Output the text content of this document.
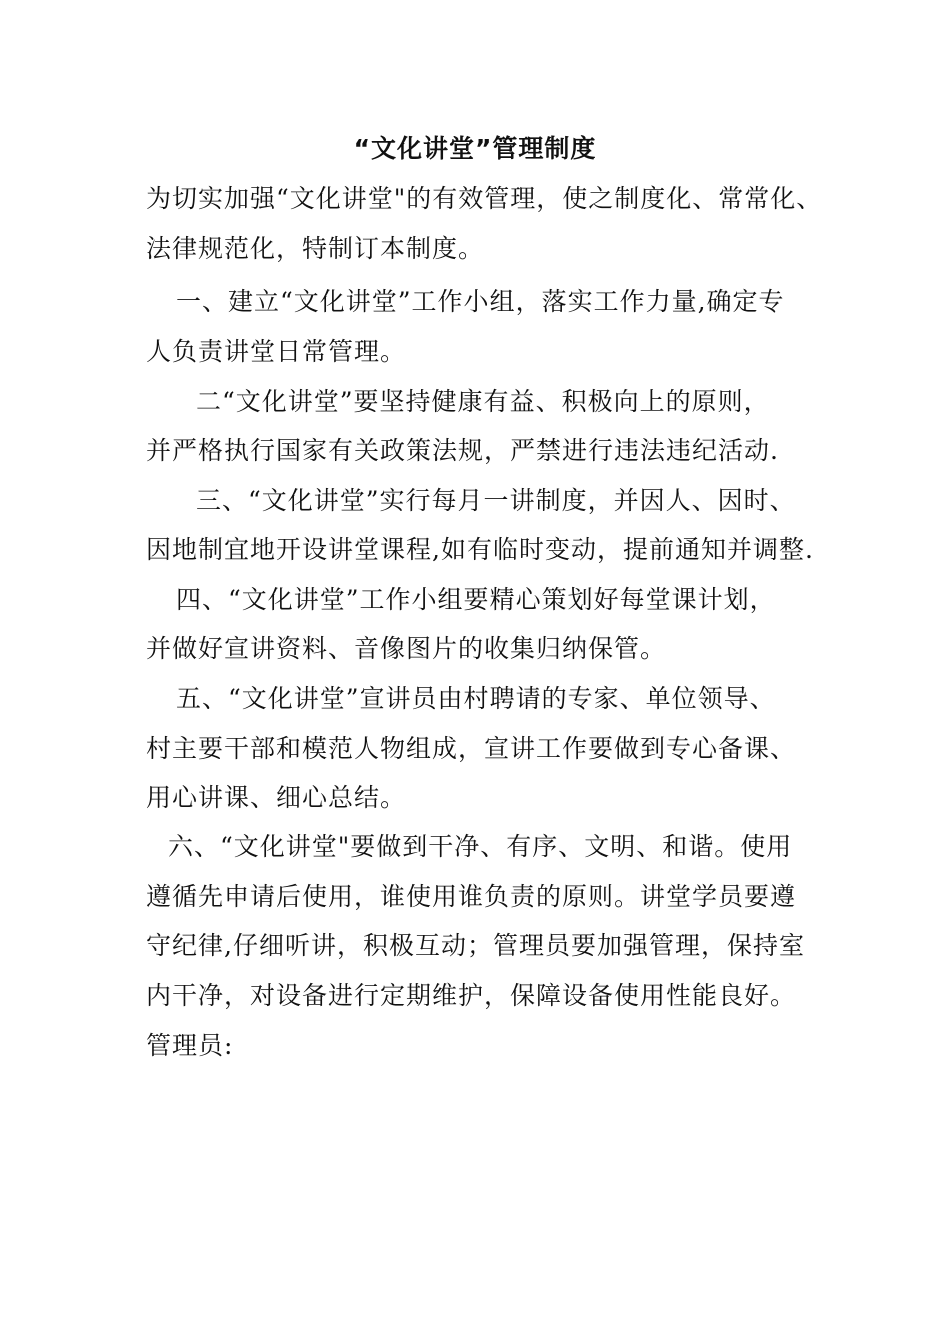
“文化讲堂”管理制度
为切实加强“文化讲堂"的有效管理，使之制度化、常常化、
法律规范化，特制订本制度。
一、建立“文化讲堂”工作小组，落实工作力量,确定专
人负责讲堂日常管理。
二“文化讲堂”要坚持健康有益、积极向上的原则，
并严格执行国家有关政策法规，严禁进行违法违纪活动.
三、“文化讲堂”实行每月一讲制度，并因人、因时、
因地制宜地开设讲堂课程,如有临时变动，提前通知并调整.
四、“文化讲堂”工作小组要精心策划好每堂课计划，
并做好宣讲资料、音像图片的收集归纳保管。
五、“文化讲堂”宣讲员由村聘请的专家、单位领导、
村主要干部和模范人物组成，宣讲工作要做到专心备课、
用心讲课、细心总结。
六、“文化讲堂"要做到干净、有序、文明、和谐。使用
遵循先申请后使用，谁使用谁负责的原则。讲堂学员要遵
守纪律,仔细听讲，积极互动；管理员要加强管理，保持室
内干净，对设备进行定期维护，保障设备使用性能良好。
管理员:
